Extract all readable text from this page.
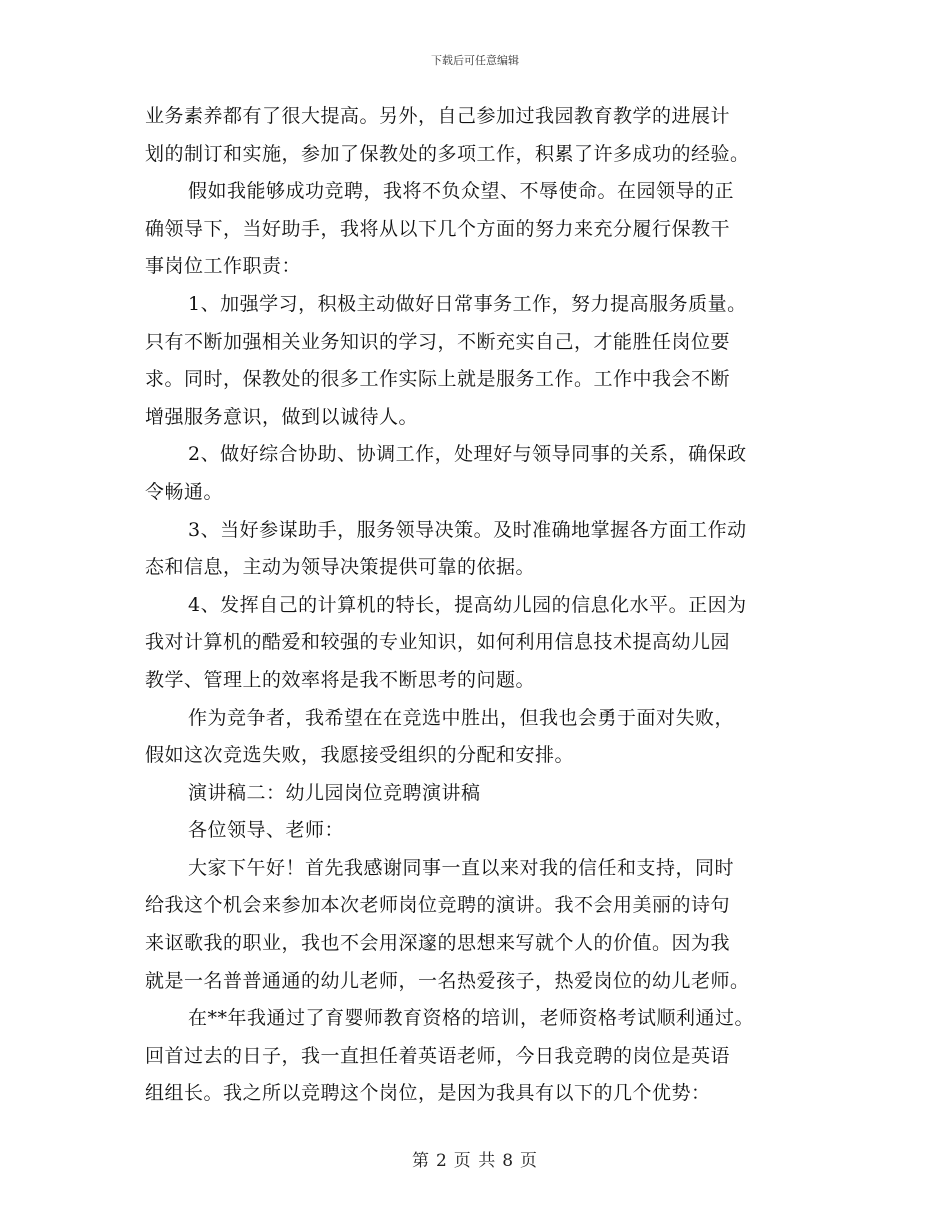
下载后可任意编辑
业务素养都有了很大提高。另外，自己参加过我园教育教学的进展计
划的制订和实施，参加了保教处的多项工作，积累了许多成功的经验。
假如我能够成功竞聘，我将不负众望、不辱使命。在园领导的正
确领导下，当好助手，我将从以下几个方面的努力来充分履行保教干
事岗位工作职责：
1、加强学习，积极主动做好日常事务工作，努力提高服务质量。
只有不断加强相关业务知识的学习，不断充实自己，才能胜任岗位要
求。同时，保教处的很多工作实际上就是服务工作。工作中我会不断
增强服务意识，做到以诚待人。
2、做好综合协助、协调工作，处理好与领导同事的关系，确保政
令畅通。
3、当好参谋助手，服务领导决策。及时准确地掌握各方面工作动
态和信息，主动为领导决策提供可靠的依据。
4、发挥自己的计算机的特长，提高幼儿园的信息化水平。正因为
我对计算机的酷爱和较强的专业知识，如何利用信息技术提高幼儿园
教学、管理上的效率将是我不断思考的问题。
作为竞争者，我希望在在竞选中胜出，但我也会勇于面对失败，
假如这次竞选失败，我愿接受组织的分配和安排。
演讲稿二：幼儿园岗位竞聘演讲稿
各位领导、老师：
大家下午好！首先我感谢同事一直以来对我的信任和支持，同时
给我这个机会来参加本次老师岗位竞聘的演讲。我不会用美丽的诗句
来讴歌我的职业，我也不会用深邃的思想来写就个人的价值。因为我
就是一名普普通通的幼儿老师，一名热爱孩子，热爱岗位的幼儿老师。
在**年我通过了育婴师教育资格的培训，老师资格考试顺利通过。
回首过去的日子，我一直担任着英语老师，今日我竞聘的岗位是英语
组组长。我之所以竞聘这个岗位，是因为我具有以下的几个优势：
第 2 页 共 8 页
